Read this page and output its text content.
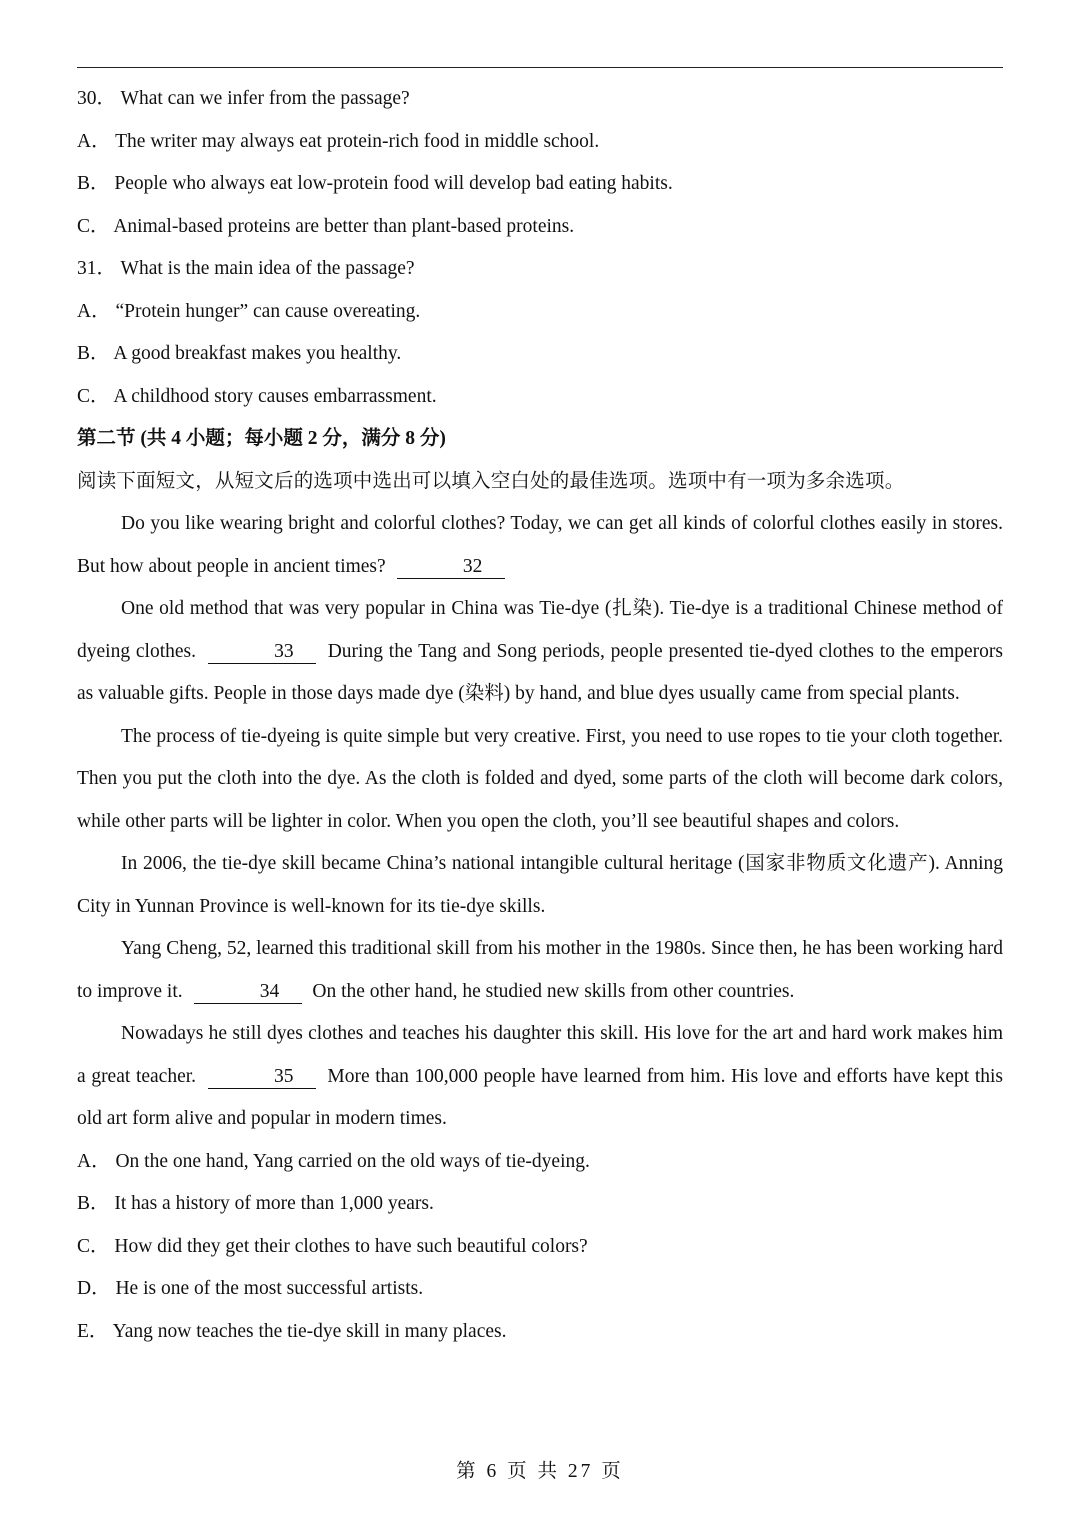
30． What can we infer from the passage?
A． The writer may always eat protein-rich food in middle school.
B． People who always eat low-protein food will develop bad eating habits.
C． Animal-based proteins are better than plant-based proteins.
31． What is the main idea of the passage?
A． “Protein hunger” can cause overeating.
B． A good breakfast makes you healthy.
C． A childhood story causes embarrassment.
第二节 (共 4 小题；每小题 2 分，满分 8 分)
阅读下面短文，从短文后的选项中选出可以填入空白处的最佳选项。选项中有一项为多余选项。
Do you like wearing bright and colorful clothes? Today, we can get all kinds of colorful clothes easily in stores. But how about people in ancient times?	32
One old method that was very popular in China was Tie-dye (扎染). Tie-dye is a traditional Chinese method of dyeing clothes.	33 During the Tang and Song periods, people presented tie-dyed clothes to the emperors as valuable gifts. People in those days made dye (染料) by hand, and blue dyes usually came from special plants.
The process of tie-dyeing is quite simple but very creative. First, you need to use ropes to tie your cloth together. Then you put the cloth into the dye. As the cloth is folded and dyed, some parts of the cloth will become dark colors, while other parts will be lighter in color. When you open the cloth, you’ll see beautiful shapes and colors.
In 2006, the tie-dye skill became China’s national intangible cultural heritage (国家非物质文化遗产). Anning City in Yunnan Province is well-known for its tie-dye skills.
Yang Cheng, 52, learned this traditional skill from his mother in the 1980s. Since then, he has been working hard to improve it.	34 On the other hand, he studied new skills from other countries.
Nowadays he still dyes clothes and teaches his daughter this skill. His love for the art and hard work makes him a great teacher.	35 More than 100,000 people have learned from him. His love and efforts have kept this old art form alive and popular in modern times.
A． On the one hand, Yang carried on the old ways of tie-dyeing.
B． It has a history of more than 1,000 years.
C． How did they get their clothes to have such beautiful colors?
D． He is one of the most successful artists.
E． Yang now teaches the tie-dye skill in many places.
第 6 页 共 27 页
